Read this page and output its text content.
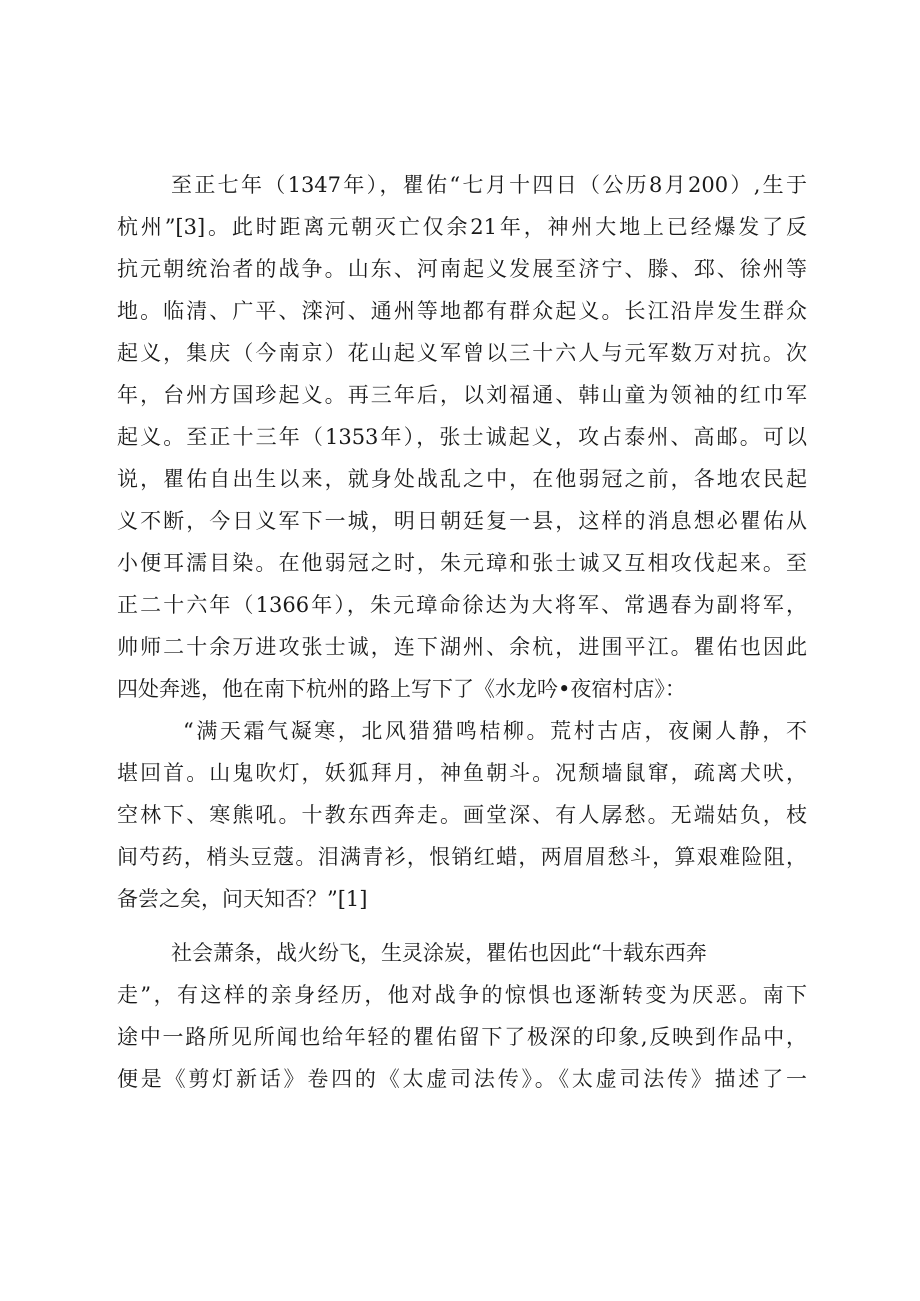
至正七年（1347年），瞿佑“七月十四日（公历8月200）,生于
杭州”[3]。此时距离元朝灭亡仅余21年，神州大地上已经爆发了反
抗元朝统治者的战争。山东、河南起义发展至济宁、滕、邳、徐州等
地。临清、广平、滦河、通州等地都有群众起义。长江沿岸发生群众
起义，集庆（今南京）花山起义军曾以三十六人与元军数万对抗。次
年，台州方国珍起义。再三年后，以刘福通、韩山童为领袖的红巾军
起义。至正十三年（1353年），张士诚起义，攻占泰州、高邮。可以
说，瞿佑自出生以来，就身处战乱之中，在他弱冠之前，各地农民起
义不断，今日义军下一城，明日朝廷复一县，这样的消息想必瞿佑从
小便耳濡目染。在他弱冠之时，朱元璋和张士诚又互相攻伐起来。至
正二十六年（1366年），朱元璋命徐达为大将军、常遇春为副将军，
帅师二十余万进攻张士诚，连下湖州、余杭，进围平江。瞿佑也因此
四处奔逃，他在南下杭州的路上写下了《水龙吟•夜宿村店》：
“满天霜气凝寒，北风猎猎鸣桔柳。荒村古店，夜阑人静，不
堪回首。山鬼吹灯，妖狐拜月，神鱼朝斗。况颓墙鼠窜，疏离犬吠，
空林下、寒熊吼。十教东西奔走。画堂深、有人孱愁。无端姑负，枝
间芍药，梢头豆蔻。泪满青衫，恨销红蜡，两眉眉愁斗，算艰难险阻，
备尝之矣，问天知否？”[1]
社会萧条，战火纷飞，生灵涂炭，瞿佑也因此“十载东西奔
走”，有这样的亲身经历，他对战争的惊惧也逐渐转变为厌恶。南下
途中一路所见所闻也给年轻的瞿佑留下了极深的印象,反映到作品中，
便是《剪灯新话》卷四的《太虚司法传》。《太虚司法传》描述了一
